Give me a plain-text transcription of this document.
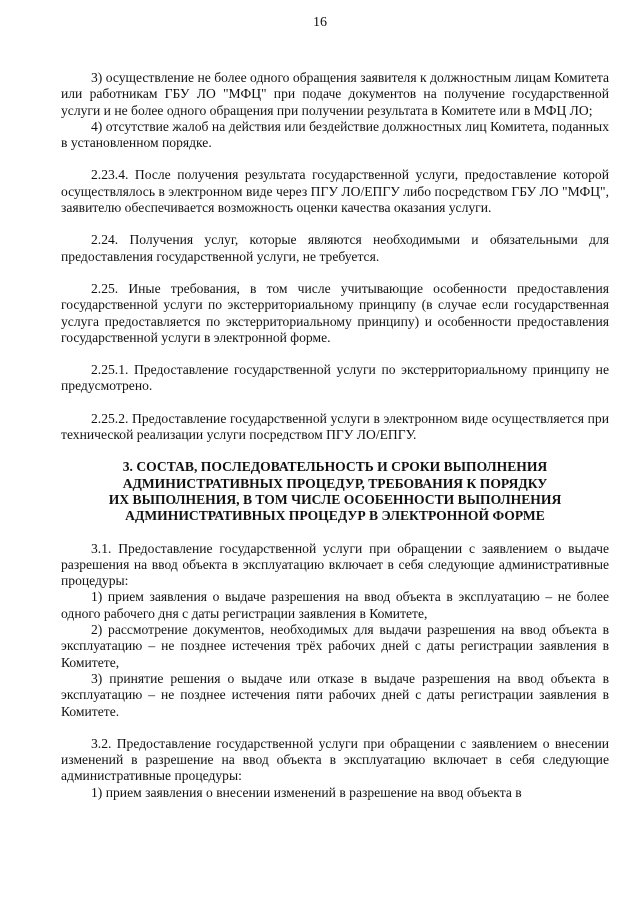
16

3) осуществление не более одного обращения заявителя к должностным лицам Комитета или работникам ГБУ ЛО "МФЦ" при подаче документов на получение государственной услуги и не более одного обращения при получении результата в Комитете или в МФЦ ЛО;

4) отсутствие жалоб на действия или бездействие должностных лиц Комитета, поданных в установленном порядке.

2.23.4. После получения результата государственной услуги, предоставление которой осуществлялось в электронном виде через ПГУ ЛО/ЕПГУ либо посредством ГБУ ЛО "МФЦ", заявителю обеспечивается возможность оценки качества оказания услуги.

2.24. Получения услуг, которые являются необходимыми и обязательными для предоставления государственной услуги, не требуется.

2.25. Иные требования, в том числе учитывающие особенности предоставления государственной услуги по экстерриториальному принципу (в случае если государственная услуга предоставляется по экстерриториальному принципу) и особенности предоставления государственной услуги в электронной форме.

2.25.1. Предоставление государственной услуги по экстерриториальному принципу не предусмотрено.

2.25.2. Предоставление государственной услуги в электронном виде осуществляется при технической реализации услуги посредством ПГУ ЛО/ЕПГУ.

3. СОСТАВ, ПОСЛЕДОВАТЕЛЬНОСТЬ И СРОКИ ВЫПОЛНЕНИЯ

АДМИНИСТРАТИВНЫХ ПРОЦЕДУР, ТРЕБОВАНИЯ К ПОРЯДКУ

ИХ ВЫПОЛНЕНИЯ, В ТОМ ЧИСЛЕ ОСОБЕННОСТИ ВЫПОЛНЕНИЯ

АДМИНИСТРАТИВНЫХ ПРОЦЕДУР В ЭЛЕКТРОННОЙ ФОРМЕ

3.1. Предоставление государственной услуги при обращении с заявлением о выдаче разрешения на ввод объекта в эксплуатацию включает в себя следующие административные процедуры:

1) прием заявления о выдаче разрешения на ввод объекта в эксплуатацию – не более одного рабочего дня с даты регистрации заявления в Комитете,

2) рассмотрение документов, необходимых для выдачи разрешения на ввод объекта в эксплуатацию – не позднее истечения трёх рабочих дней с даты регистрации заявления в Комитете,

3) принятие решения о выдаче или отказе в выдаче разрешения на ввод объекта в эксплуатацию – не позднее истечения пяти рабочих дней с даты регистрации заявления в Комитете.

3.2. Предоставление государственной услуги при обращении с заявлением о внесении изменений в разрешение на ввод объекта в эксплуатацию включает в себя следующие административные процедуры:

1) прием заявления о внесении изменений в разрешение на ввод объекта в
